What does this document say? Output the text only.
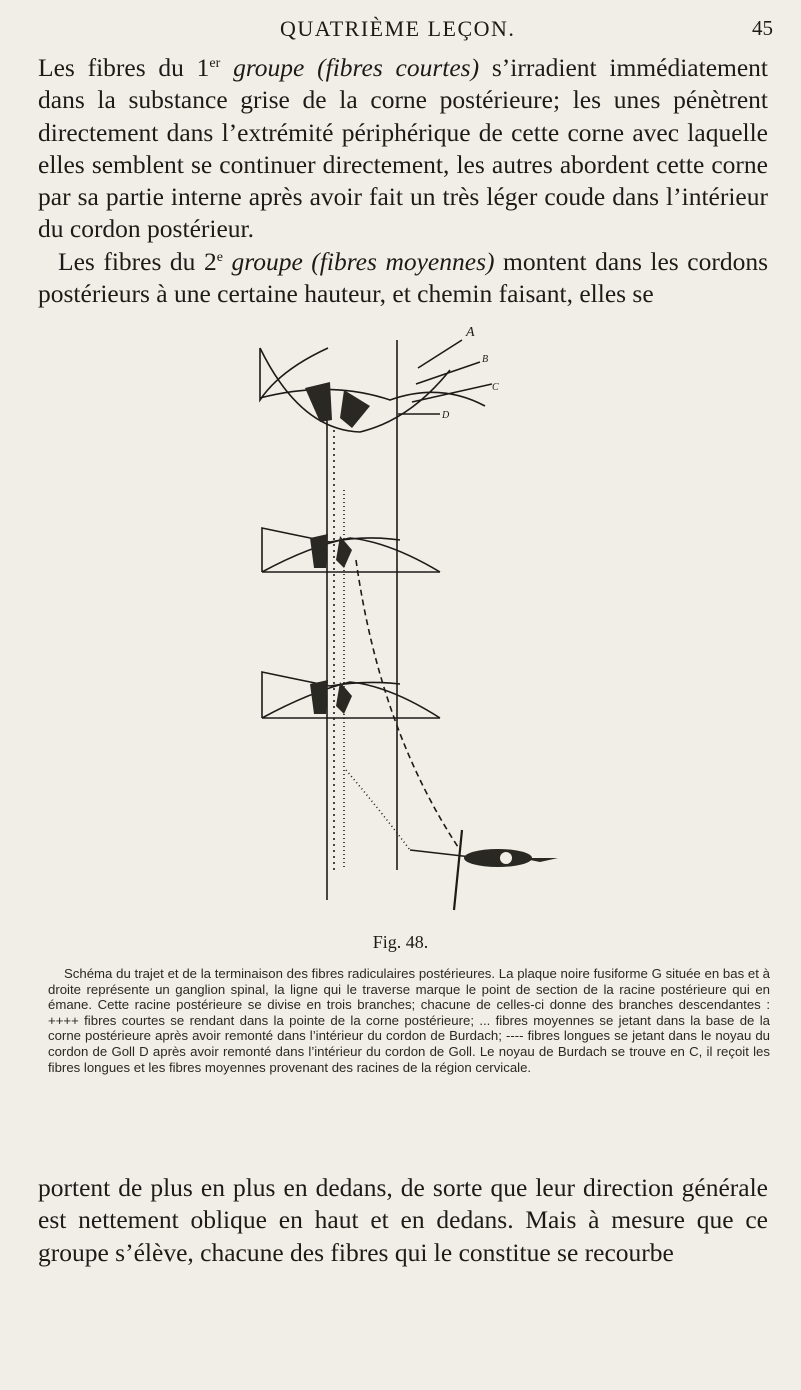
QUATRIÈME LEÇON.	45

Les fibres du 1er groupe (fibres courtes) s’irradient immédiatement dans la substance grise de la corne postérieure; les unes pénètrent directement dans l’extrémité périphérique de cette corne avec laquelle elles semblent se continuer directement, les autres abordent cette corne par sa partie interne après avoir fait un très léger coude dans l’intérieur du cordon postérieur.

Les fibres du 2e groupe (fibres moyennes) montent dans les cordons postérieurs à une certaine hauteur, et chemin faisant, elles se

A
B
C
D
G
Fig. 48.
Schéma du trajet et de la terminaison des fibres radiculaires postérieures. La plaque noire fusiforme G située en bas et à droite représente un ganglion spinal, la ligne qui le traverse marque le point de section de la racine postérieure qui en émane. Cette racine postérieure se divise en trois branches; chacune de celles-ci donne des branches descendantes : ++++ fibres courtes se rendant dans la pointe de la corne postérieure; ... fibres moyennes se jetant dans la base de la corne postérieure après avoir remonté dans l’intérieur du cordon de Burdach; ---- fibres longues se jetant dans le noyau du cordon de Goll D après avoir remonté dans l’intérieur du cordon de Goll. Le noyau de Burdach se trouve en C, il reçoit les fibres longues et les fibres moyennes provenant des racines de la région cervicale.

portent de plus en plus en dedans, de sorte que leur direction générale est nettement oblique en haut et en dedans. Mais à mesure que ce groupe s’élève, chacune des fibres qui le constitue se recourbe
